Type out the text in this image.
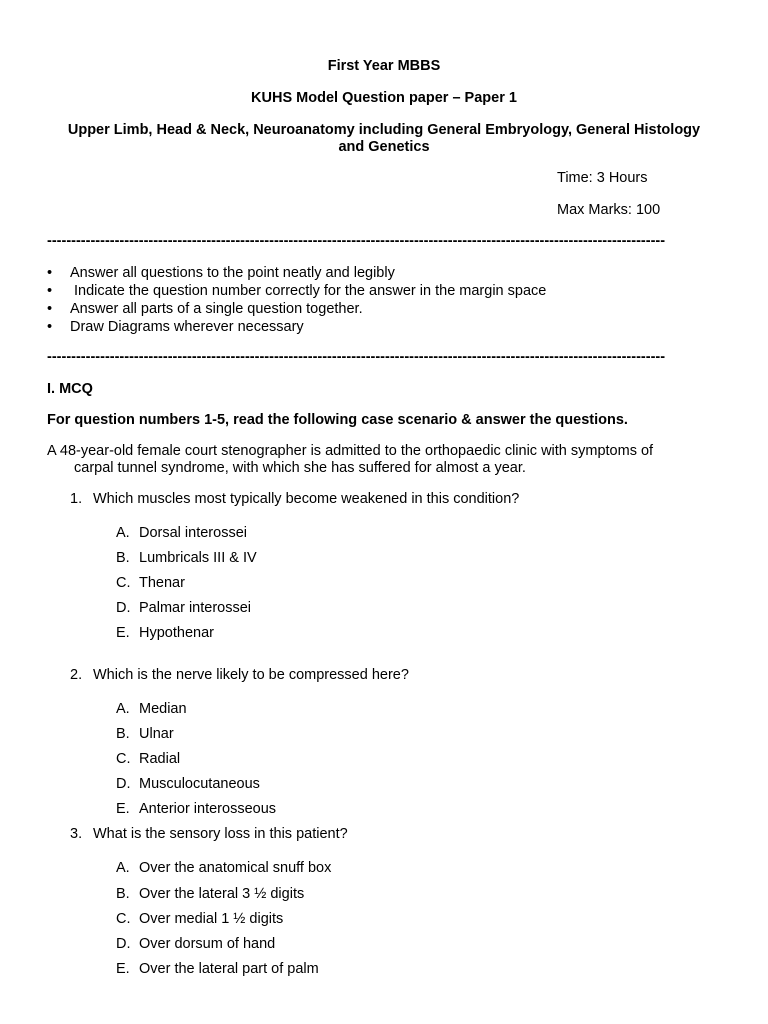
First Year MBBS
KUHS Model Question paper – Paper 1
Upper Limb, Head & Neck, Neuroanatomy including General Embryology, General Histology
and Genetics
Time: 3 Hours
Max Marks: 100
--------------------------------------------------------------------------------------------------------------------------------
• Answer all questions to the point neatly and legibly
• Indicate the question number correctly for the answer in the margin space
• Answer all parts of a single question together.
• Draw Diagrams wherever necessary
--------------------------------------------------------------------------------------------------------------------------------
I. MCQ
For question numbers 1-5, read the following case scenario & answer the questions.
A 48-year-old female court stenographer is admitted to the orthopaedic clinic with symptoms of
carpal tunnel syndrome, with which she has suffered for almost a year.
1. Which muscles most typically become weakened in this condition?
A. Dorsal interossei
B. Lumbricals III & IV
C. Thenar
D. Palmar interossei
E. Hypothenar
2. Which is the nerve likely to be compressed here?
A. Median
B. Ulnar
C. Radial
D. Musculocutaneous
E. Anterior interosseous
3. What is the sensory loss in this patient?
A. Over the anatomical snuff box
B. Over the lateral 3 ½ digits
C. Over medial 1 ½ digits
D. Over dorsum of hand
E. Over the lateral part of palm
